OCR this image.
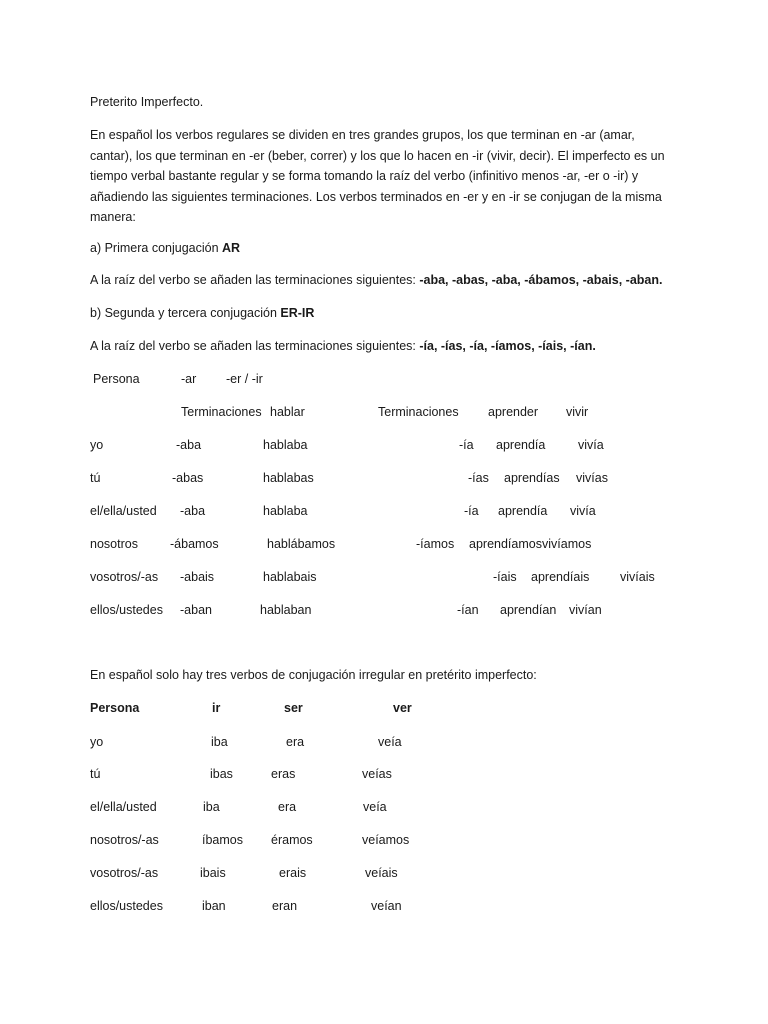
Preterito Imperfecto.
En español los verbos regulares se dividen en tres grandes grupos, los que terminan en -ar (amar,
cantar), los que terminan en -er (beber, correr) y los que lo hacen en -ir (vivir, decir). El imperfecto es un
tiempo verbal bastante regular y se forma tomando la raíz del verbo (infinitivo menos -ar, -er o -ir) y
añadiendo las siguientes terminaciones. Los verbos terminados en -er y en -ir se conjugan de la misma
manera:
a) Primera conjugación AR
A la raíz del verbo se añaden las terminaciones siguientes: -aba, -abas, -aba, -ábamos, -abais, -aban.
b) Segunda y tercera conjugación ER-IR
A la raíz del verbo se añaden las terminaciones siguientes: -ía, -ías, -ía, -íamos, -íais, -ían.
Persona	-ar -er / -ir
Terminaciones hablar	Terminaciones aprender vivir
yo	-aba	hablaba	-ía aprendía	vivía
tú	-abas	hablabas	-ías aprendías vivías
el/ella/usted -aba	hablaba	-ía aprendía vivía
nosotros	-ábamos	hablábamos	-íamos aprendíamos vivíamos
vosotros/-as -abais	hablabais	-íais aprendíais vivíais
ellos/ustedes -aban	hablaban	-ían aprendían vivían
En español solo hay tres verbos de conjugación irregular en pretérito imperfecto:
Persona	ir	ser	ver
yo	iba	era	veía
tú	ibas	eras	veías
el/ella/usted	iba	era	veía
nosotros/-as	íbamos éramos	veíamos
vosotros/-as	ibais	erais	veíais
ellos/ustedes	iban	eran	veían
